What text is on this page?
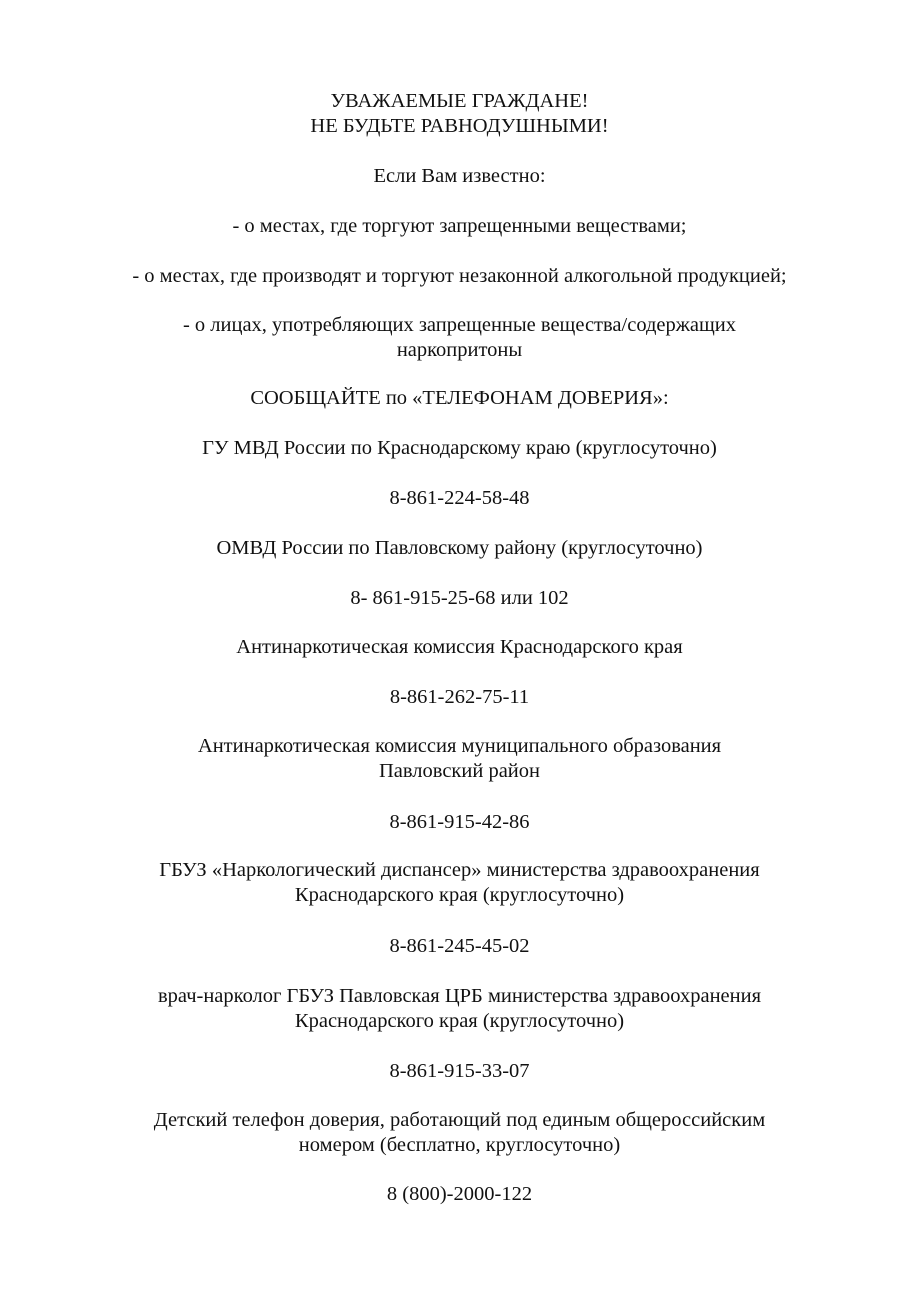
УВАЖАЕМЫЕ ГРАЖДАНЕ!
НЕ БУДЬТЕ РАВНОДУШНЫМИ!
Если Вам известно:
- о местах, где торгуют запрещенными веществами;
- о местах, где производят и торгуют незаконной алкогольной продукцией;
- о лицах, употребляющих запрещенные вещества/содержащих
наркопритоны
СООБЩАЙТЕ по «ТЕЛЕФОНАМ ДОВЕРИЯ»:
ГУ МВД России по Краснодарскому краю (круглосуточно)
8-861-224-58-48
ОМВД России по Павловскому району (круглосуточно)
8- 861-915-25-68 или 102
Антинаркотическая комиссия Краснодарского края
8-861-262-75-11
Антинаркотическая комиссия муниципального образования
Павловский район
8-861-915-42-86
ГБУЗ «Наркологический диспансер» министерства здравоохранения
Краснодарского края (круглосуточно)
8-861-245-45-02
врач-нарколог ГБУЗ Павловская ЦРБ министерства здравоохранения
Краснодарского края (круглосуточно)
8-861-915-33-07
Детский телефон доверия, работающий под единым общероссийским
номером (бесплатно, круглосуточно)
8 (800)-2000-122
